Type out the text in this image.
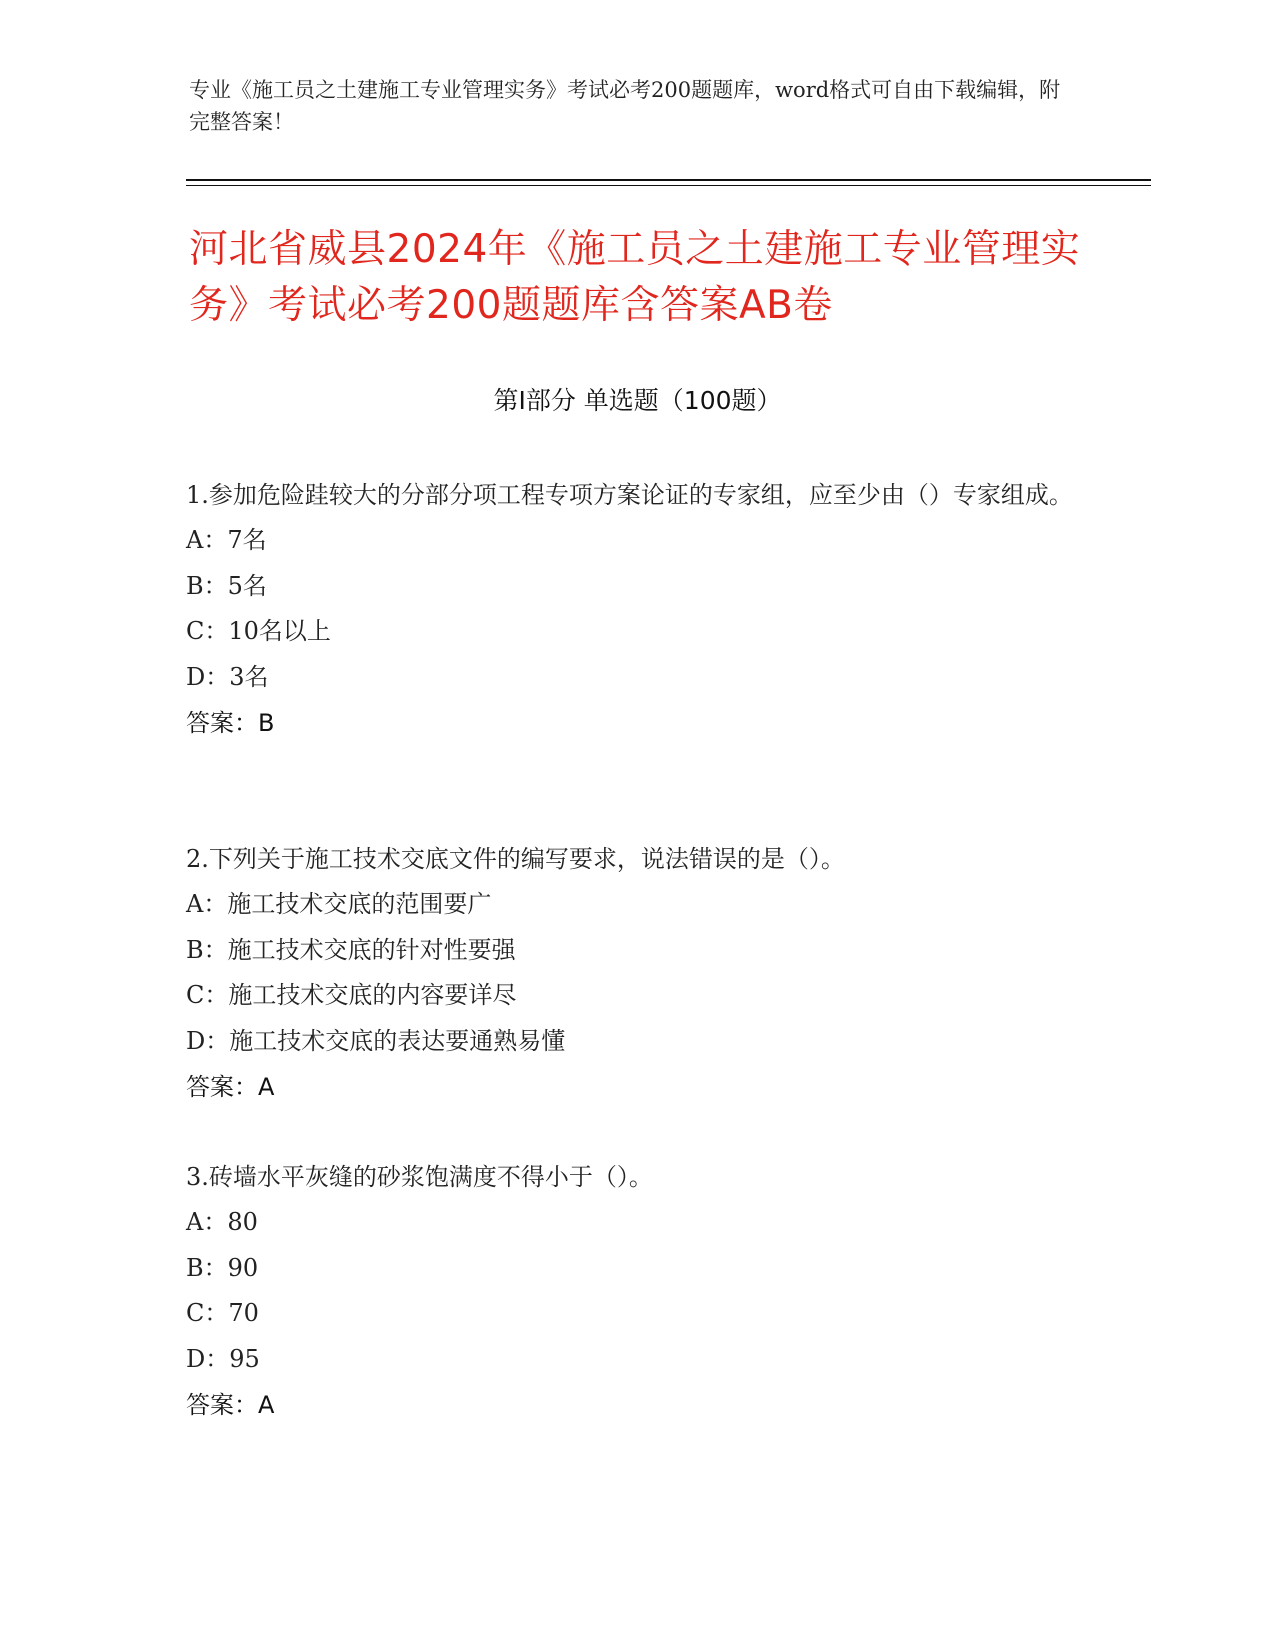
专业《施工员之土建施工专业管理实务》考试必考200题题库，word格式可自由下载编辑，附完整答案！
河北省威县2024年《施工员之土建施工专业管理实务》考试必考200题题库含答案AB卷
第Ⅰ部分 单选题（100题）

1.参加危险跬较大的分部分项工程专项方案论证的专家组，应至少由（）专家组成。

A：7名

B：5名

C：10名以上

D：3名

答案：B

2.下列关于施工技术交底文件的编写要求，说法错误的是（）。

A：施工技术交底的范围要广

B：施工技术交底的针对性要强

C：施工技术交底的内容要详尽

D：施工技术交底的表达要通熟易懂

答案：A

3.砖墙水平灰缝的砂浆饱满度不得小于（）。

A：80

B：90

C：70

D：95

答案：A
